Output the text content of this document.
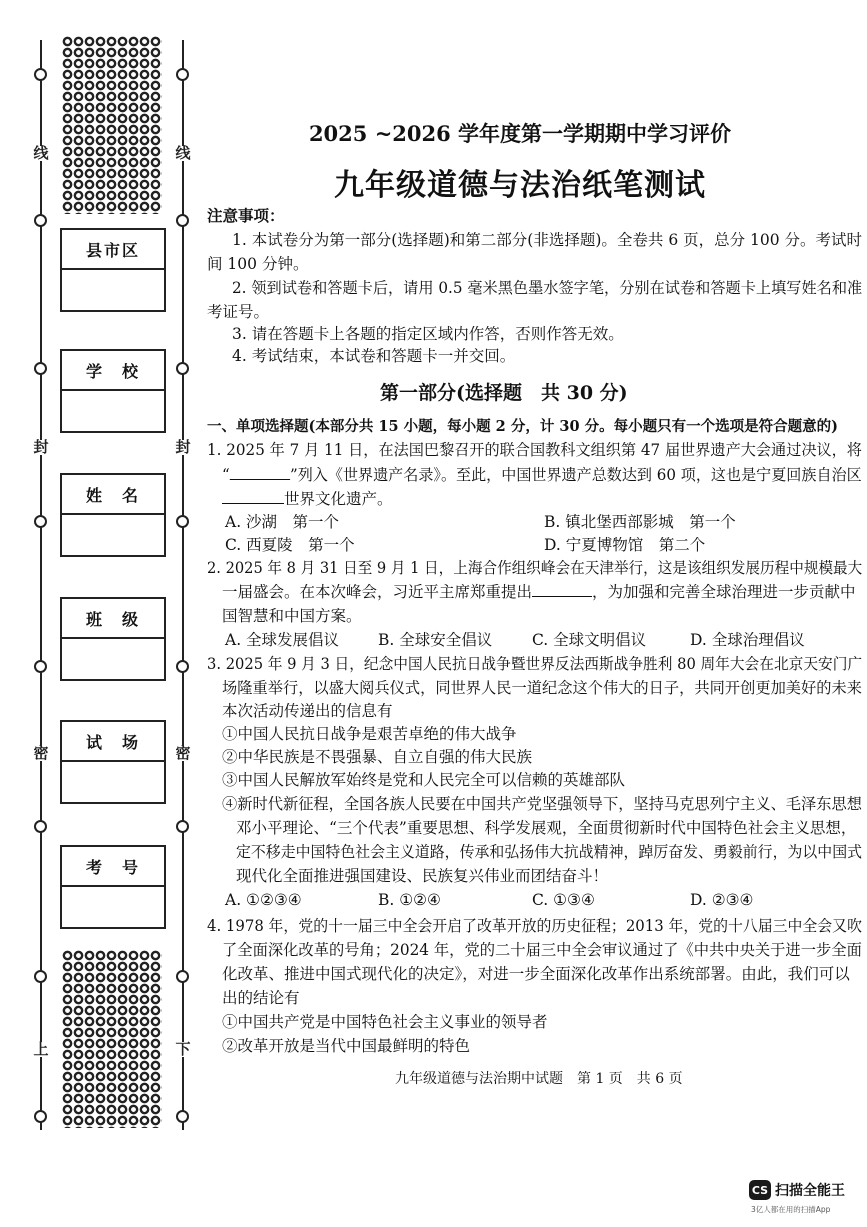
线
封
密
上
线
封
密
下
县市区
学　校
姓　名
班　级
试　场
考　号
2025 ~2026 学年度第一学期期中学习评价
九年级道德与法治纸笔测试
注意事项：
1. 本试卷分为第一部分(选择题)和第二部分(非选择题)。全卷共 6 页，总分 100 分。考试时
间 100 分钟。
2. 领到试卷和答题卡后，请用 0.5 毫米黑色墨水签字笔，分别在试卷和答题卡上填写姓名和准
考证号。
3. 请在答题卡上各题的指定区域内作答，否则作答无效。
4. 考试结束，本试卷和答题卡一并交回。
第一部分(选择题　共 30 分)
一、单项选择题(本部分共 15 小题，每小题 2 分，计 30 分。每小题只有一个选项是符合题意的)
1. 2025 年 7 月 11 日，在法国巴黎召开的联合国教科文组织第 47 届世界遗产大会通过决议，将
“	”列入《世界遗产名录》。至此，中国世界遗产总数达到 60 项，这也是宁夏回族自治区
世界文化遗产。
A. 沙湖　第一个	B. 镇北堡西部影城　第一个
C. 西夏陵　第一个	D. 宁夏博物馆　第二个
2. 2025 年 8 月 31 日至 9 月 1 日，上海合作组织峰会在天津举行，这是该组织发展历程中规模最大
一届盛会。在本次峰会，习近平主席郑重提出	，为加强和完善全球治理进一步贡献中
国智慧和中国方案。
A. 全球发展倡议	B. 全球安全倡议	C. 全球文明倡议	D. 全球治理倡议
3. 2025 年 9 月 3 日，纪念中国人民抗日战争暨世界反法西斯战争胜利 80 周年大会在北京天安门广
场隆重举行，以盛大阅兵仪式，同世界人民一道纪念这个伟大的日子，共同开创更加美好的未来
本次活动传递出的信息有
①中国人民抗日战争是艰苦卓绝的伟大战争
②中华民族是不畏强暴、自立自强的伟大民族
③中国人民解放军始终是党和人民完全可以信赖的英雄部队
④新时代新征程，全国各族人民要在中国共产党坚强领导下，坚持马克思列宁主义、毛泽东思想
邓小平理论、“三个代表”重要思想、科学发展观，全面贯彻新时代中国特色社会主义思想，
定不移走中国特色社会主义道路，传承和弘扬伟大抗战精神，踔厉奋发、勇毅前行，为以中国式
现代化全面推进强国建设、民族复兴伟业而团结奋斗！
A. ①②③④	B. ①②④	C. ①③④	D. ②③④
4. 1978 年，党的十一届三中全会开启了改革开放的历史征程；2013 年，党的十八届三中全会又吹
了全面深化改革的号角；2024 年，党的二十届三中全会审议通过了《中共中央关于进一步全面
化改革、推进中国式现代化的决定》，对进一步全面深化改革作出系统部署。由此，我们可以
出的结论有
①中国共产党是中国特色社会主义事业的领导者
②改革开放是当代中国最鲜明的特色
九年级道德与法治期中试题　第 1 页　共 6 页
CS 扫描全能王
3亿人都在用的扫描App
